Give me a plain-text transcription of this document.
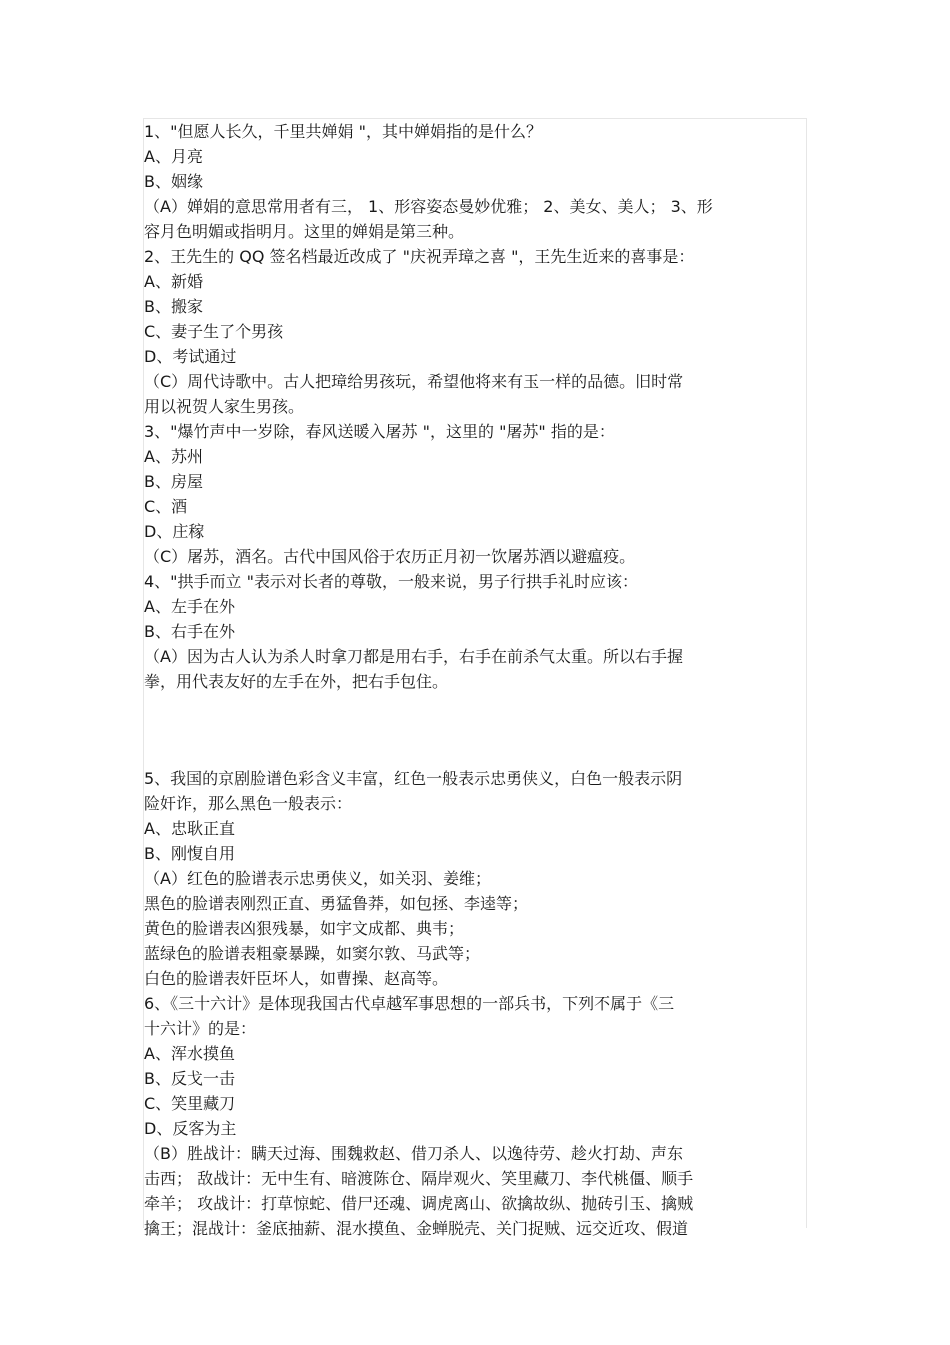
1、"但愿人长久，千里共婵娟 "，其中婵娟指的是什么？

A、月亮

B、姻缘

（A）婵娟的意思常用者有三， 1、形容姿态曼妙优雅； 2、美女、美人； 3、形

容月色明媚或指明月。这里的婵娟是第三种。

2、王先生的 QQ 签名档最近改成了 "庆祝弄璋之喜 "，王先生近来的喜事是：

A、新婚

B、搬家

C、妻子生了个男孩

D、考试通过

（C）周代诗歌中。古人把璋给男孩玩，希望他将来有玉一样的品德。旧时常

用以祝贺人家生男孩。

3、"爆竹声中一岁除，春风送暖入屠苏 "，这里的 "屠苏" 指的是：

A、苏州

B、房屋

C、酒

D、庄稼

（C）屠苏，酒名。古代中国风俗于农历正月初一饮屠苏酒以避瘟疫。

4、"拱手而立 "表示对长者的尊敬，一般来说，男子行拱手礼时应该：

A、左手在外

B、右手在外

（A）因为古人认为杀人时拿刀都是用右手，右手在前杀气太重。所以右手握

拳，用代表友好的左手在外，把右手包住。

5、我国的京剧脸谱色彩含义丰富，红色一般表示忠勇侠义，白色一般表示阴

险奸诈，那么黑色一般表示：

A、忠耿正直

B、刚愎自用

（A）红色的脸谱表示忠勇侠义，如关羽、姜维；

黑色的脸谱表刚烈正直、勇猛鲁莽，如包拯、李逵等；

黄色的脸谱表凶狠残暴，如宇文成都、典韦；

蓝绿色的脸谱表粗豪暴躁，如窦尔敦、马武等；

白色的脸谱表奸臣坏人，如曹操、赵高等。

6、《三十六计》是体现我国古代卓越军事思想的一部兵书，下列不属于《三

十六计》的是：

A、浑水摸鱼

B、反戈一击

C、笑里藏刀

D、反客为主

（B）胜战计：瞒天过海、围魏救赵、借刀杀人、以逸待劳、趁火打劫、声东

击西； 敌战计：无中生有、暗渡陈仓、隔岸观火、笑里藏刀、李代桃僵、顺手

牵羊； 攻战计：打草惊蛇、借尸还魂、调虎离山、欲擒故纵、抛砖引玉、擒贼

擒王；混战计：釜底抽薪、混水摸鱼、金蝉脱壳、关门捉贼、远交近攻、假道
